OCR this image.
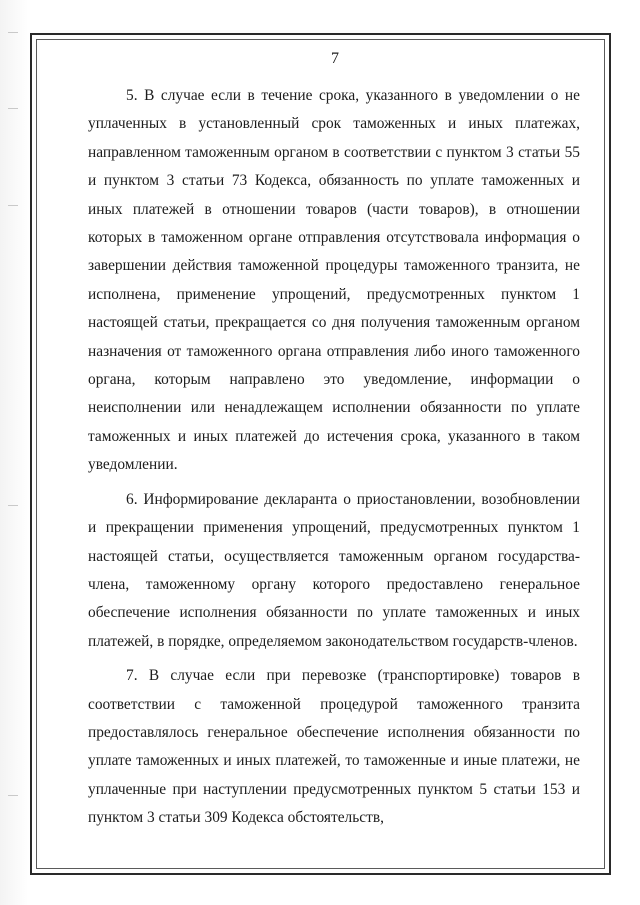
7

5. В случае если в течение срока, указанного в уведомлении о не уплаченных в установленный срок таможенных и иных платежах, направленном таможенным органом в соответствии с пунктом 3 статьи 55 и пунктом 3 статьи 73 Кодекса, обязанность по уплате таможенных и иных платежей в отношении товаров (части товаров), в отношении которых в таможенном органе отправления отсутствовала информация о завершении действия таможенной процедуры таможенного транзита, не исполнена, применение упрощений, предусмотренных пунктом 1 настоящей статьи, прекращается со дня получения таможенным органом назначения от таможенного органа отправления либо иного таможенного органа, которым направлено это уведомление, информации о неисполнении или ненадлежащем исполнении обязанности по уплате таможенных и иных платежей до истечения срока, указанного в таком уведомлении.

6. Информирование декларанта о приостановлении, возобновлении и прекращении применения упрощений, предусмотренных пунктом 1 настоящей статьи, осуществляется таможенным органом государства-члена, таможенному органу которого предоставлено генеральное обеспечение исполнения обязанности по уплате таможенных и иных платежей, в порядке, определяемом законодательством государств-членов.

7. В случае если при перевозке (транспортировке) товаров в соответствии с таможенной процедурой таможенного транзита предоставлялось генеральное обеспечение исполнения обязанности по уплате таможенных и иных платежей, то таможенные и иные платежи, не уплаченные при наступлении предусмотренных пунктом 5 статьи 153 и пунктом 3 статьи 309 Кодекса обстоятельств,
